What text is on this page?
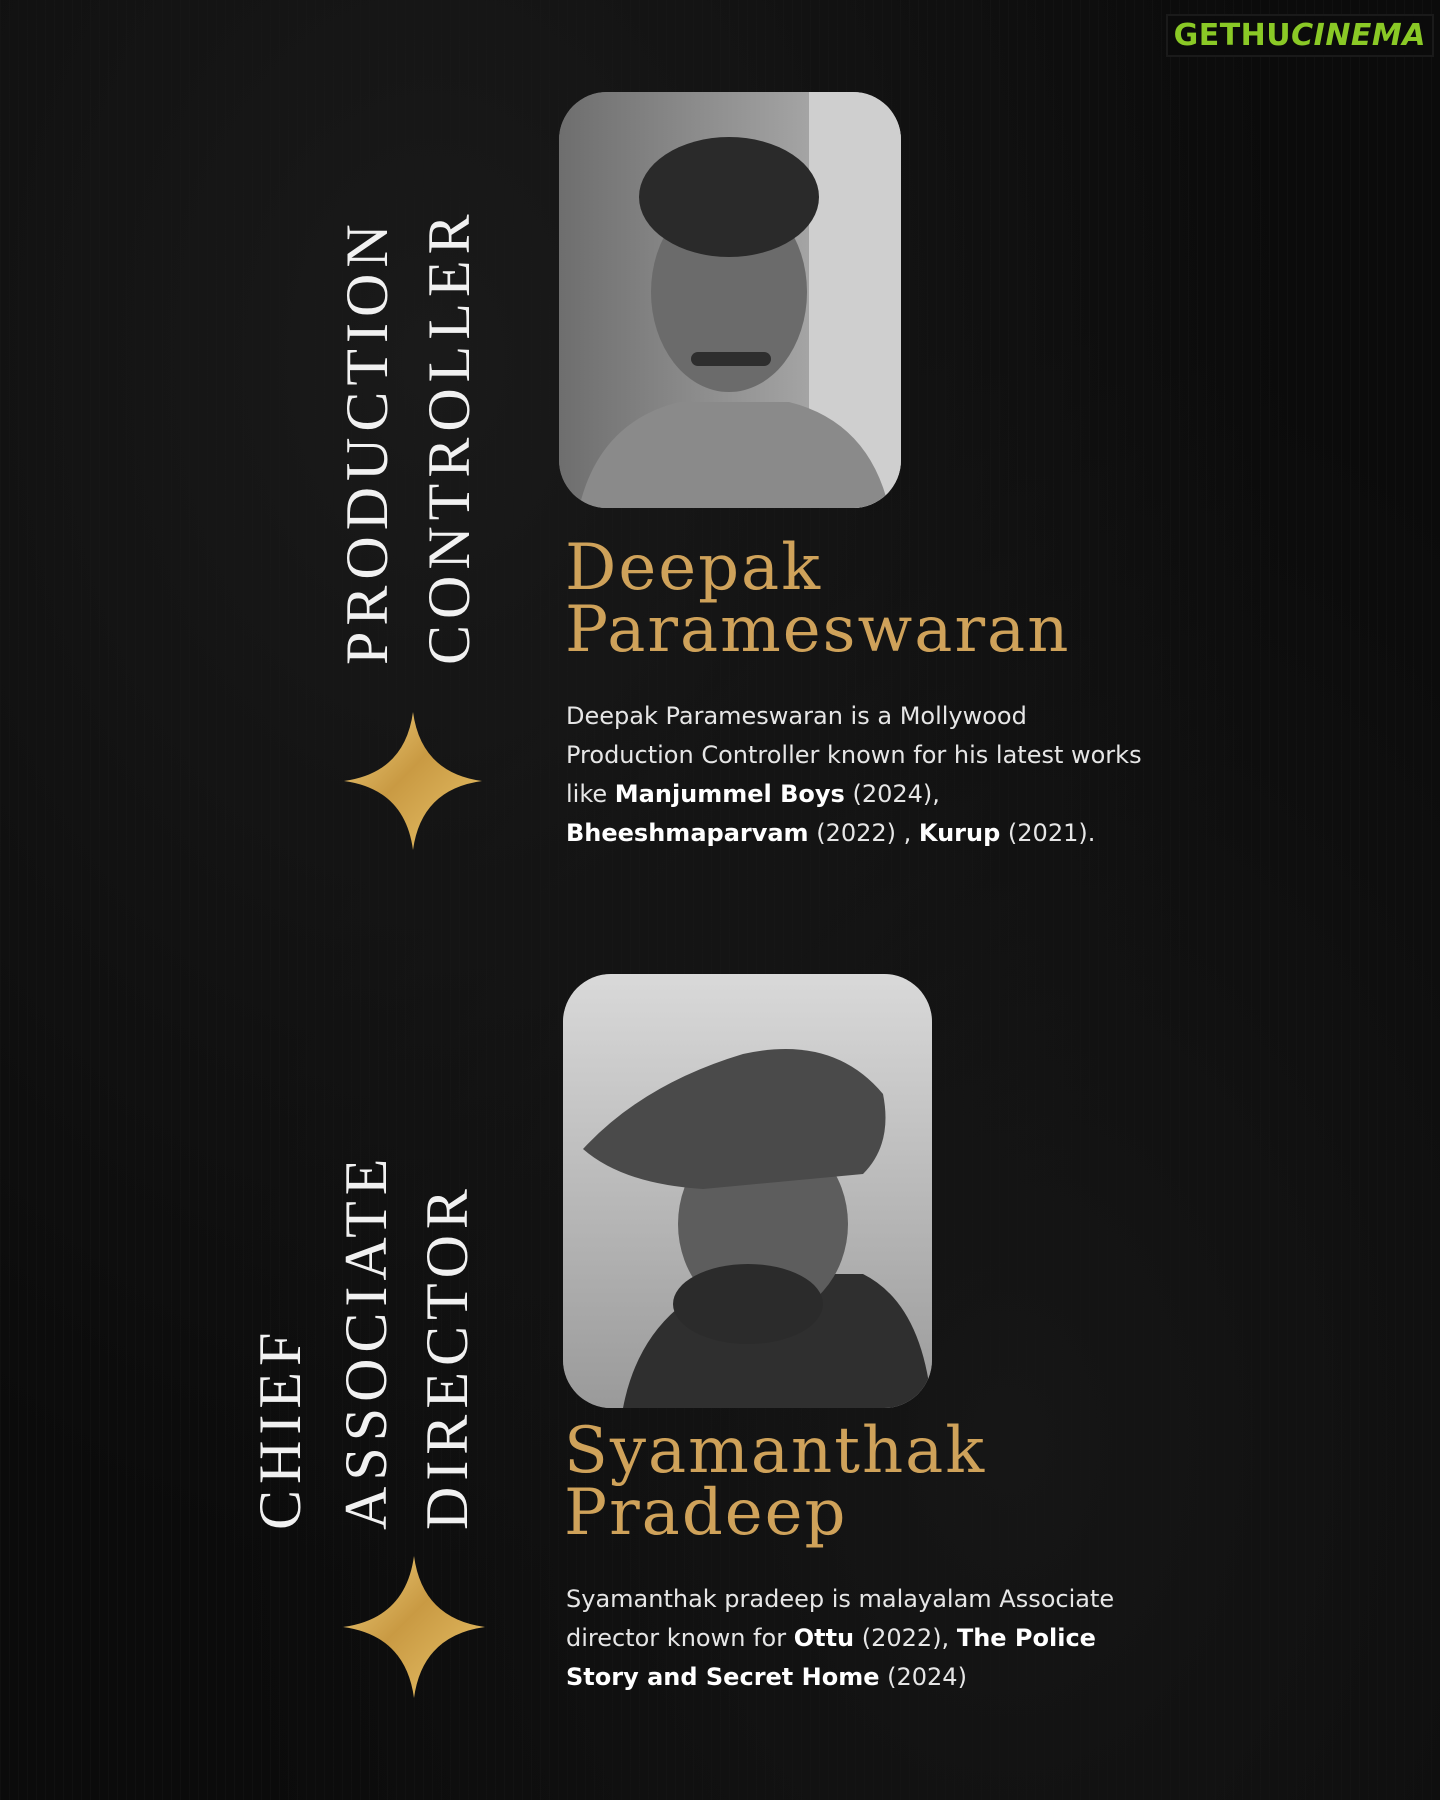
GETHUCINEMA
PRODUCTION CONTROLLER Deepak
Parameswaran

Deepak Parameswaran is a Mollywood Production Controller known for his latest works like Manjummel Boys (2024), Bheeshmaparvam (2022) , Kurup (2021).

CHIEF ASSOCIATE DIRECTOR Syamanthak
Pradeep

Syamanthak pradeep is malayalam Associate director known for Ottu (2022), The Police Story and Secret Home (2024)
